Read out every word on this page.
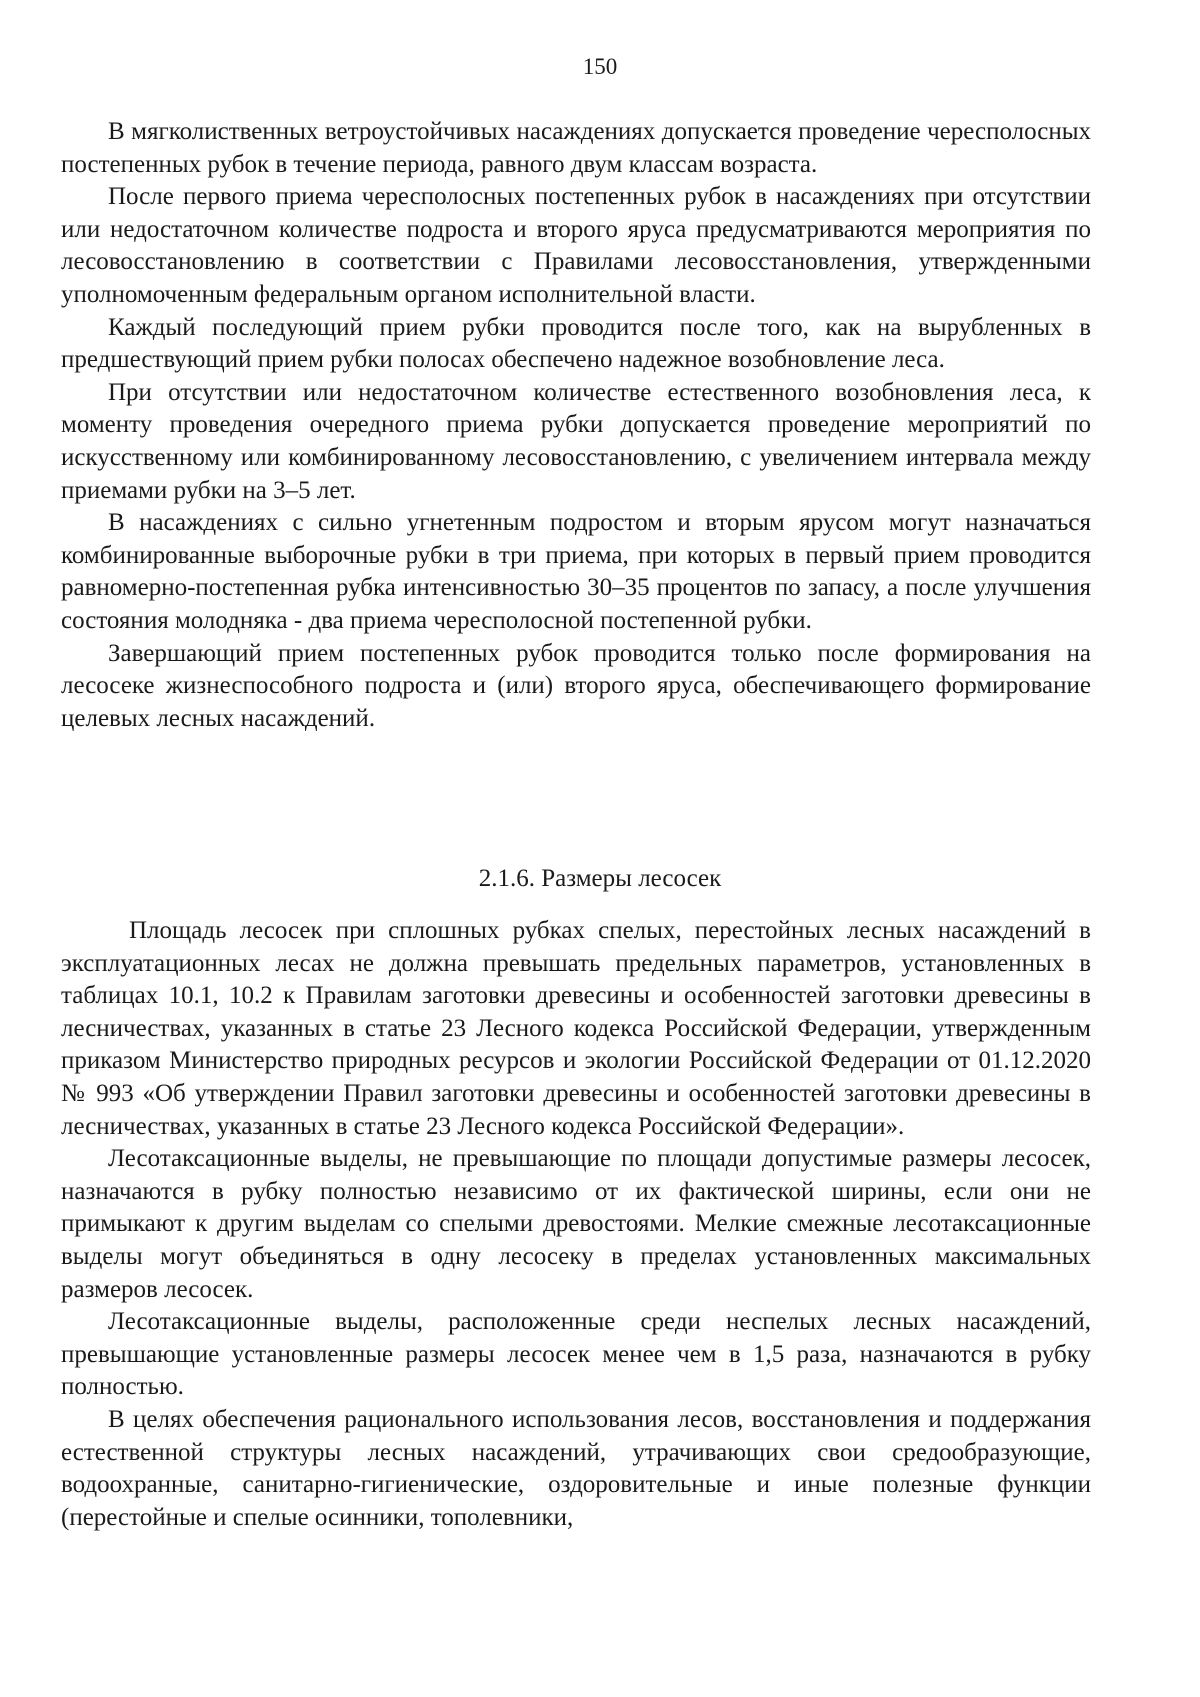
150

В мягколиственных ветроустойчивых насаждениях допускается проведение чересполосных постепенных рубок в течение периода, равного двум классам возраста.

После первого приема чересполосных постепенных рубок в насаждениях при отсутствии или недостаточном количестве подроста и второго яруса предусматриваются мероприятия по лесовосстановлению в соответствии с Правилами лесовосстановления, утвержденными уполномоченным федеральным органом исполнительной власти.

Каждый последующий прием рубки проводится после того, как на вырубленных в предшествующий прием рубки полосах обеспечено надежное возобновление леса.

При отсутствии или недостаточном количестве естественного возобновления леса, к моменту проведения очередного приема рубки допускается проведение мероприятий по искусственному или комбинированному лесовосстановлению, с увеличением интервала между приемами рубки на 3–5 лет.

В насаждениях с сильно угнетенным подростом и вторым ярусом могут назначаться комбинированные выборочные рубки в три приема, при которых в первый прием проводится равномерно-постепенная рубка интенсивностью 30–35 процентов по запасу, а после улучшения состояния молодняка - два приема чересполосной постепенной рубки.

Завершающий прием постепенных рубок проводится только после формирования на лесосеке жизнеспособного подроста и (или) второго яруса, обеспечивающего формирование целевых лесных насаждений.

2.1.6. Размеры лесосек

Площадь лесосек при сплошных рубках спелых, перестойных лесных насаждений в эксплуатационных лесах не должна превышать предельных параметров, установленных в таблицах 10.1, 10.2 к Правилам заготовки древесины и особенностей заготовки древесины в лесничествах, указанных в статье 23 Лесного кодекса Российской Федерации, утвержденным приказом Министерство природных ресурсов и экологии Российской Федерации от 01.12.2020 № 993 «Об утверждении Правил заготовки древесины и особенностей заготовки древесины в лесничествах, указанных в статье 23 Лесного кодекса Российской Федерации».

Лесотаксационные выделы, не превышающие по площади допустимые размеры лесосек, назначаются в рубку полностью независимо от их фактической ширины, если они не примыкают к другим выделам со спелыми древостоями. Мелкие смежные лесотаксационные выделы могут объединяться в одну лесосеку в пределах установленных максимальных размеров лесосек.

Лесотаксационные выделы, расположенные среди неспелых лесных насаждений, превышающие установленные размеры лесосек менее чем в 1,5 раза, назначаются в рубку полностью.

В целях обеспечения рационального использования лесов, восстановления и поддержания естественной структуры лесных насаждений, утрачивающих свои средообразующие, водоохранные, санитарно-гигиенические, оздоровительные и иные полезные функции (перестойные и спелые осинники, тополевники,
